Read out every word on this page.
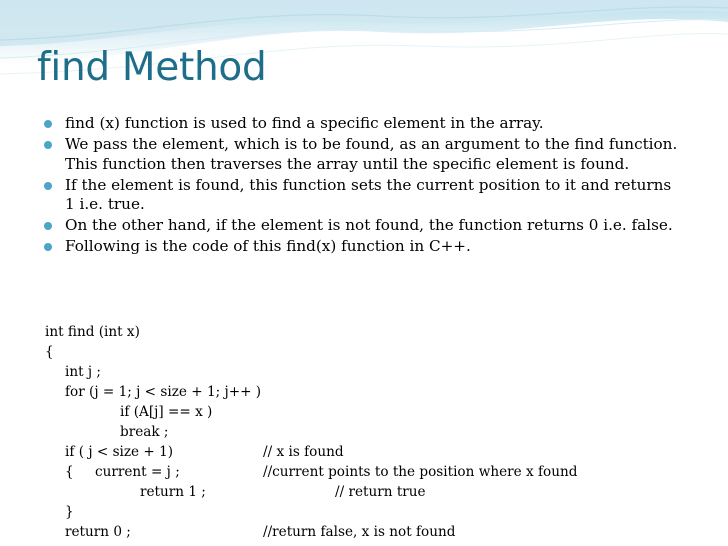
find Method
find (x) function is used to find a specific element in the array.
We pass the element, which is to be found, as an argument to the find function. This function then traverses the array until the specific element is found.
If the element is found, this function sets the current position to it and returns 1 i.e. true.
On the other hand, if the element is not found, the function returns 0 i.e. false.
Following is the code of this find(x) function in C++.
int find (int x)
{
int j ;
for (j = 1; j < size + 1; j++ )
if (A[j] == x )
break ;

if ( j < size + 1)

	// x is found

{

current = j ;

	//current points to the position where x found

return 1 ;

	// return true

}

return 0 ;

	//return false, x is not found
